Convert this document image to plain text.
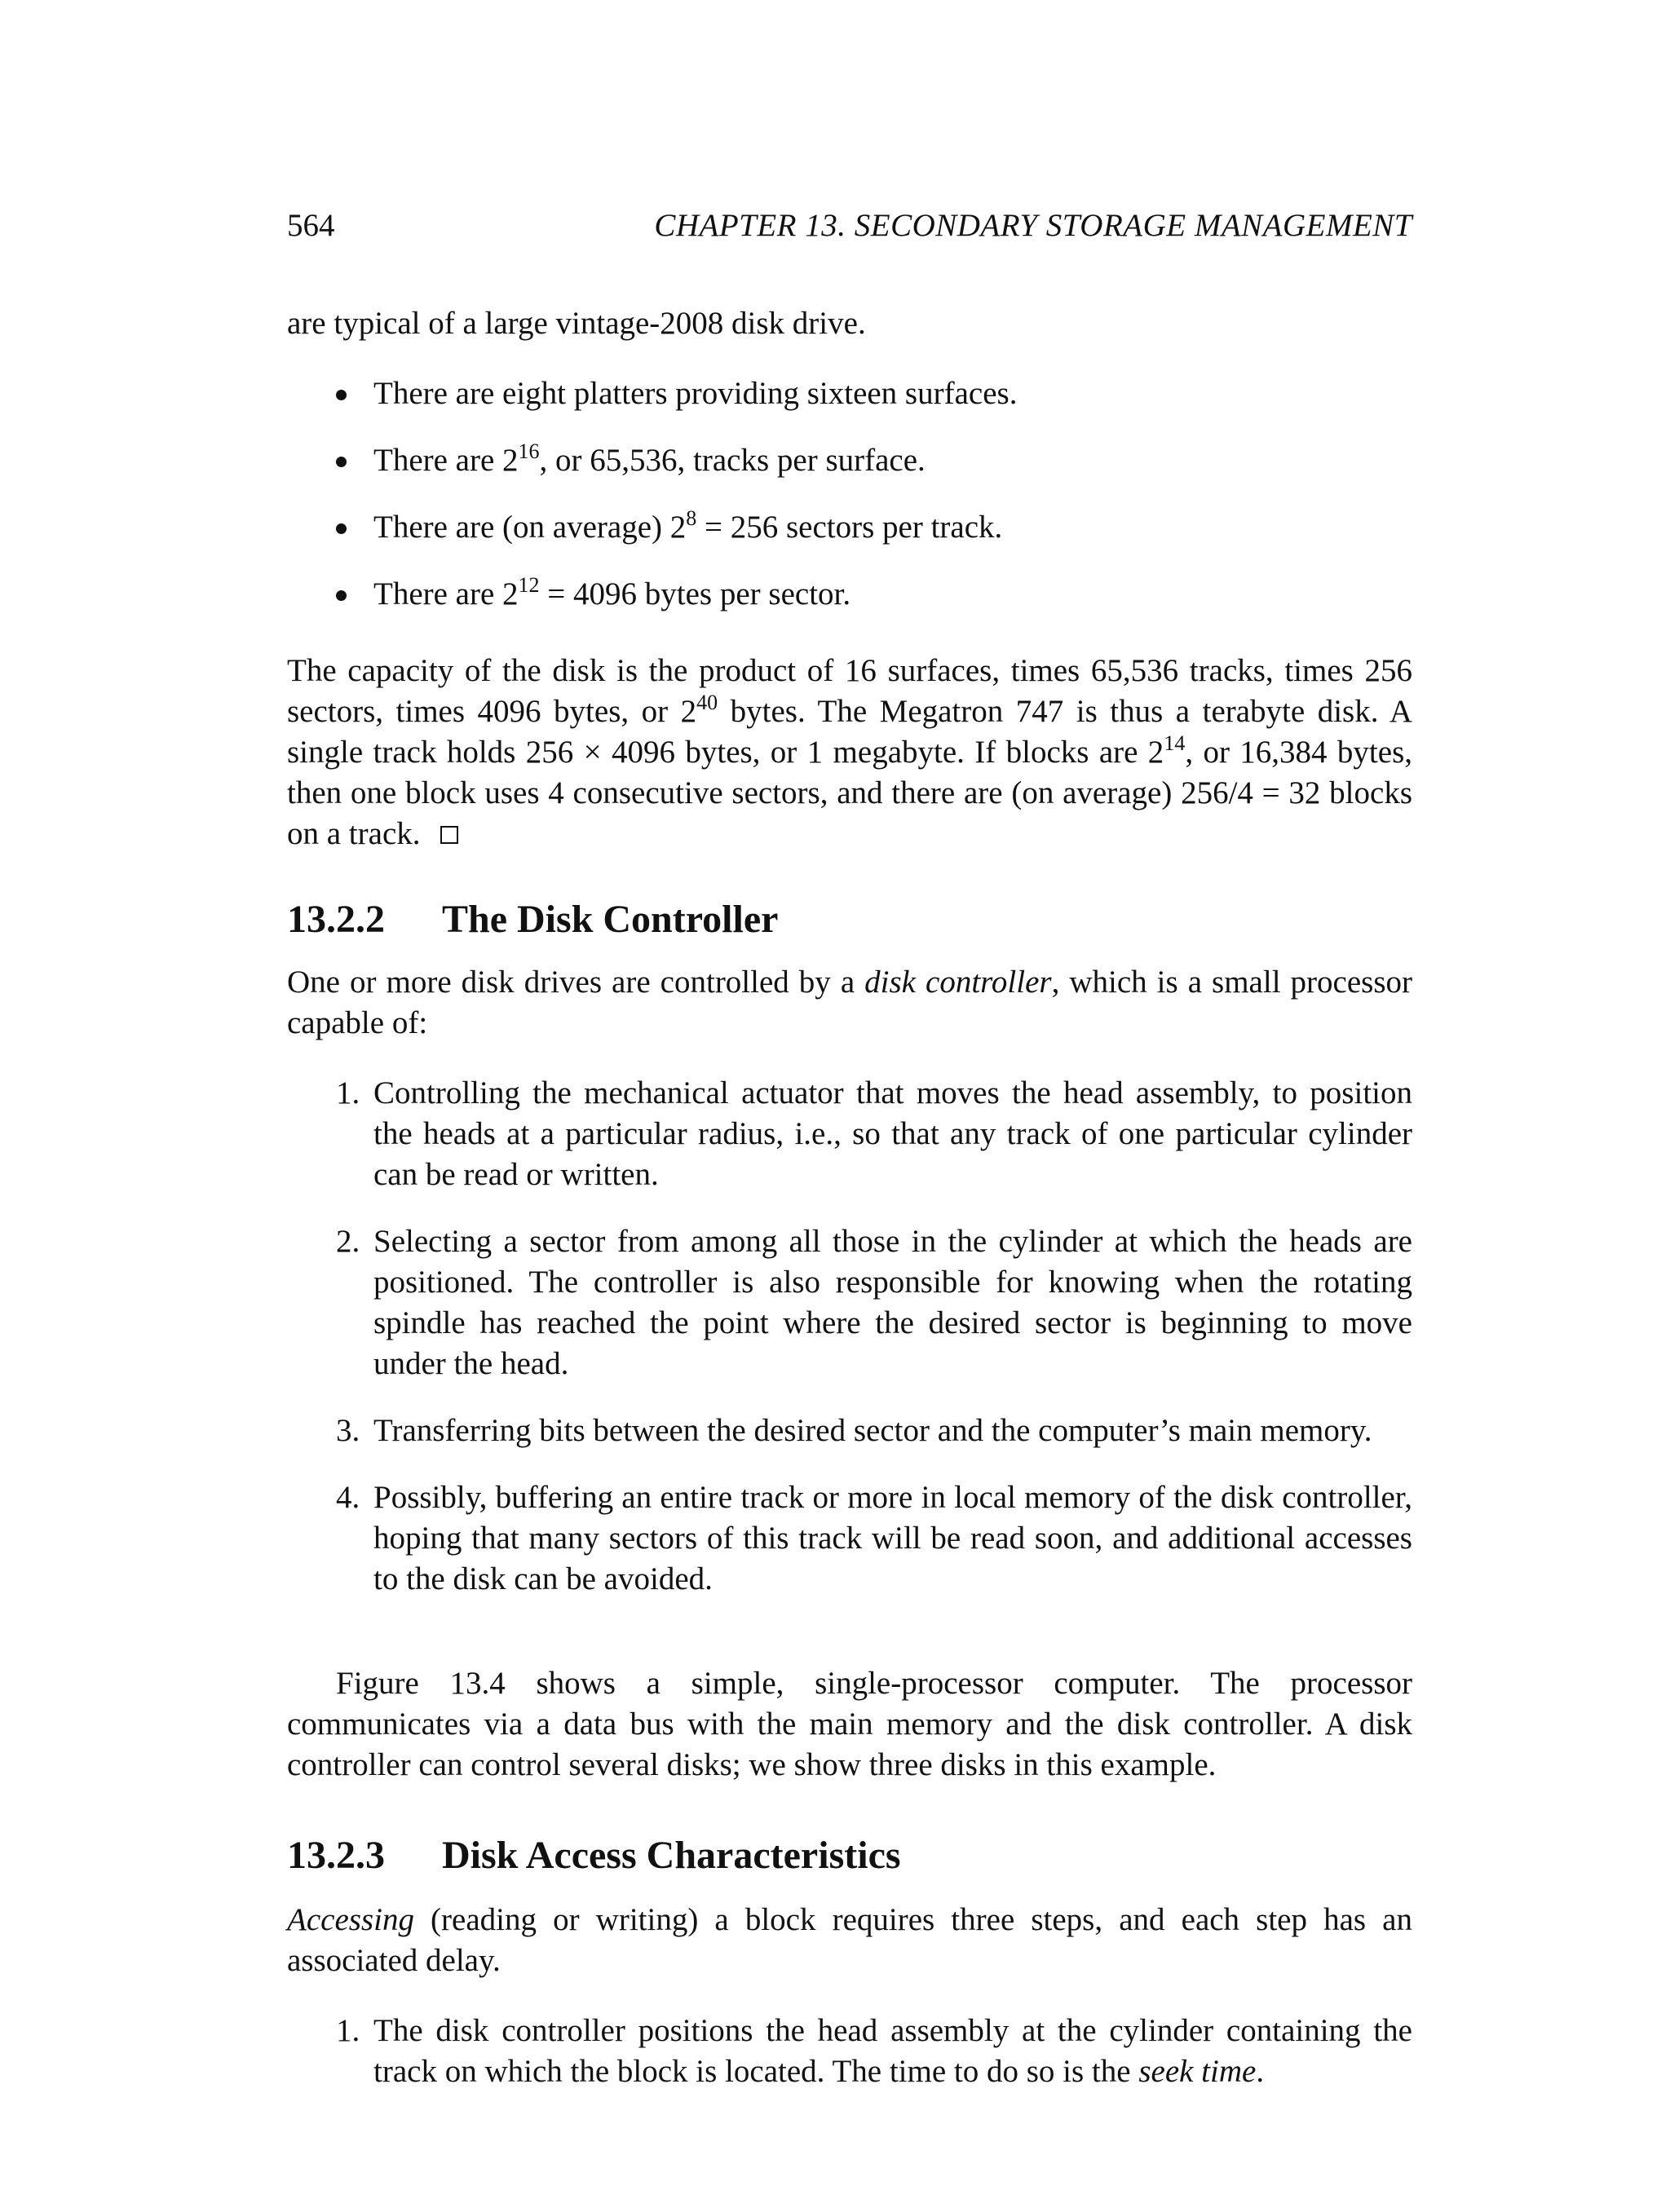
564	CHAPTER 13. SECONDARY STORAGE MANAGEMENT

are typical of a large vintage-2008 disk drive.

There are eight platters providing sixteen surfaces.
There are $2^{16}$, or 65,536, tracks per surface.
There are (on average) $2^8 = 256$ sectors per track.
There are $2^{12} = 4096$ bytes per sector.

The capacity of the disk is the product of 16 surfaces, times 65,536 tracks, times 256 sectors, times 4096 bytes, or $2^{40}$ bytes. The Megatron 747 is thus a terabyte disk. A single track holds 256 × 4096 bytes, or 1 megabyte. If blocks are $2^{14}$, or 16,384 bytes, then one block uses 4 consecutive sectors, and there are (on average) 256/4 = 32 blocks on a track.

13.2.2 The Disk Controller

One or more disk drives are controlled by a disk controller, which is a small processor capable of:

1. Controlling the mechanical actuator that moves the head assembly, to position the heads at a particular radius, i.e., so that any track of one particular cylinder can be read or written.
2. Selecting a sector from among all those in the cylinder at which the heads are positioned. The controller is also responsible for knowing when the rotating spindle has reached the point where the desired sector is beginning to move under the head.
3. Transferring bits between the desired sector and the computer’s main memory.
4. Possibly, buffering an entire track or more in local memory of the disk controller, hoping that many sectors of this track will be read soon, and additional accesses to the disk can be avoided.

Figure 13.4 shows a simple, single-processor computer. The processor communicates via a data bus with the main memory and the disk controller. A disk controller can control several disks; we show three disks in this example.

13.2.3 Disk Access Characteristics

Accessing (reading or writing) a block requires three steps, and each step has an associated delay.

1. The disk controller positions the head assembly at the cylinder containing the track on which the block is located. The time to do so is the seek time.
